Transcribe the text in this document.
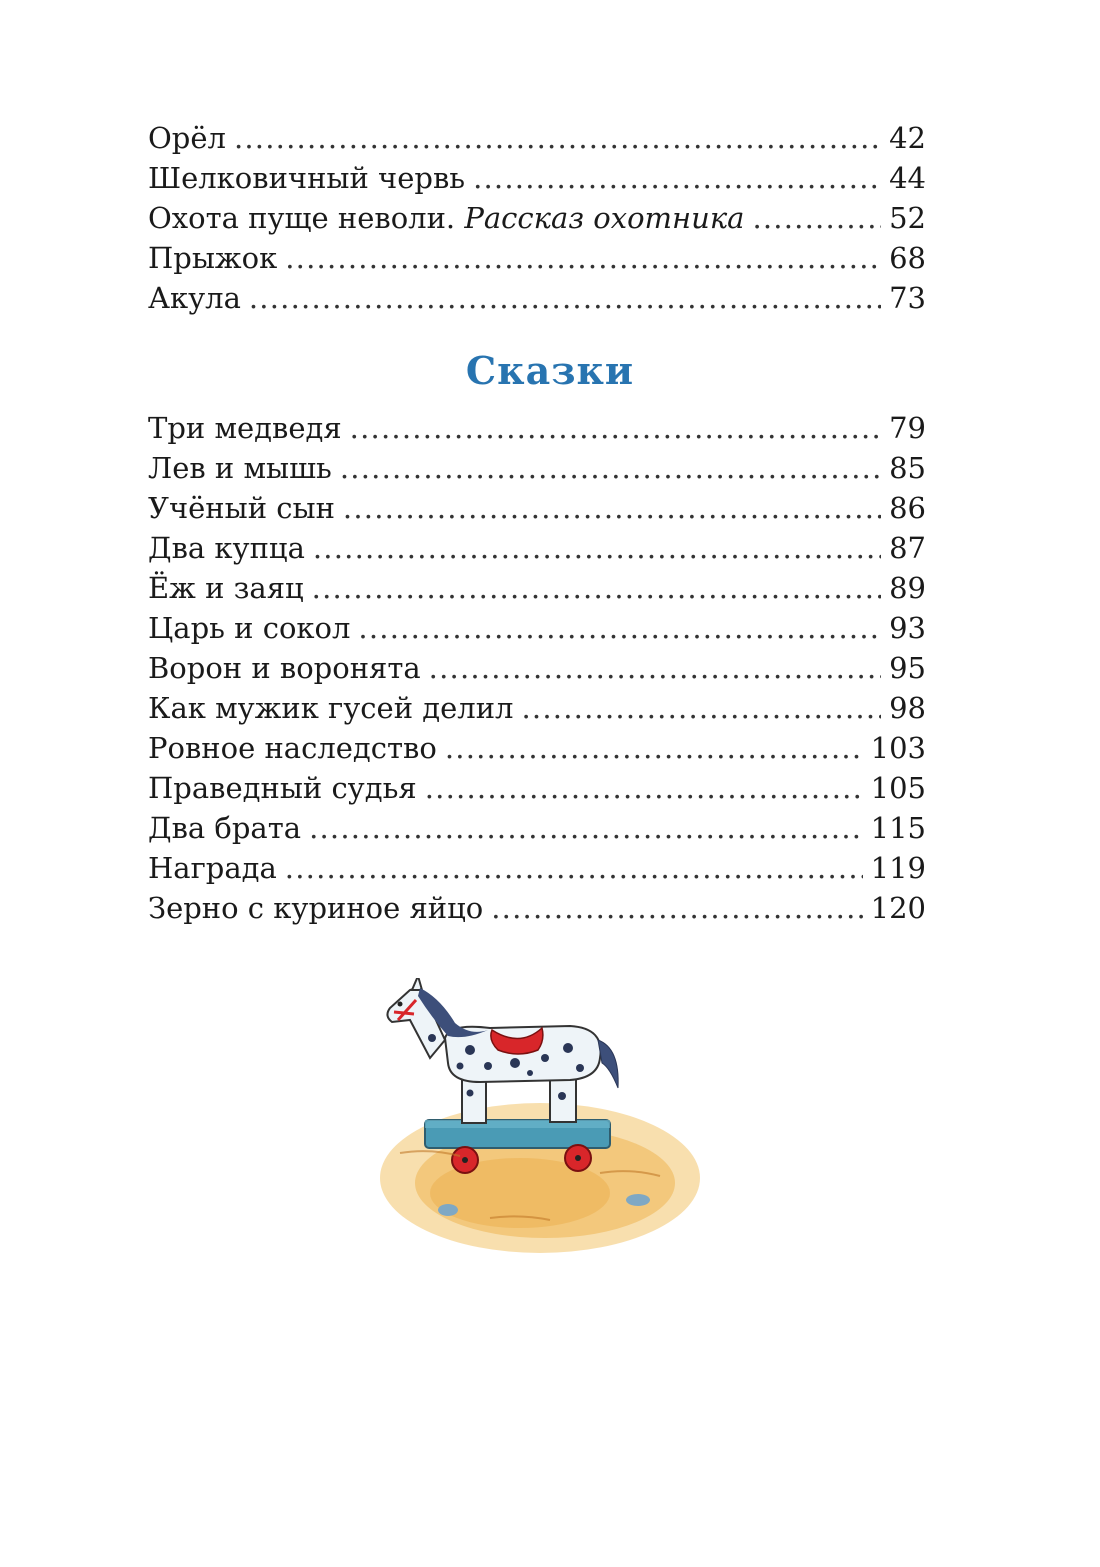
Орёл . . .	42
Шелковичный червь . . .	44
Охота пуще неволи. Рассказ охотника . . .	52
Прыжок . . .	68
Акула . . .	73
Сказки
Три медведя . . .	79
Лев и мышь . . .	85
Учёный сын . . .	86
Два купца . . .	87
Ёж и заяц . . .	89
Царь и сокол . . .	93
Ворон и воронята . . .	95
Как мужик гусей делил . . .	98
Ровное наследство . . .	103
Праведный судья . . .	105
Два брата . . .	115
Награда . . .	119
Зерно с куриное яйцо . . .	120
